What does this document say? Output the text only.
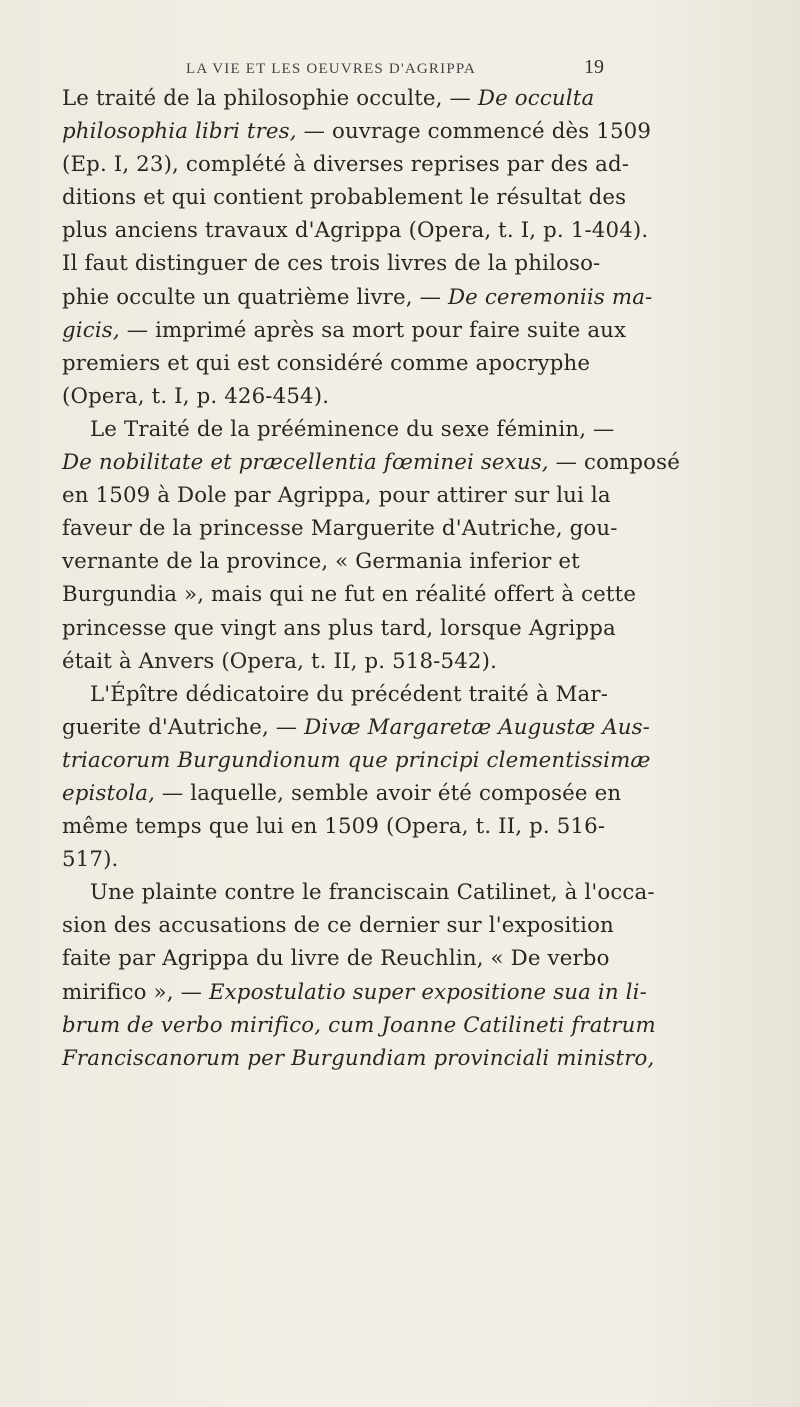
LA VIE ET LES OEUVRES D'AGRIPPA	19

Le traité de la philosophie occulte, — De occulta

philosophia libri tres, — ouvrage commencé dès 1509

(Ep. I, 23), complété à diverses reprises par des ad-

ditions et qui contient probablement le résultat des

plus anciens travaux d'Agrippa (Opera, t. I, p. 1-404).

Il faut distinguer de ces trois livres de la philoso-

phie occulte un quatrième livre, — De ceremoniis ma-

gicis, — imprimé après sa mort pour faire suite aux

premiers et qui est considéré comme apocryphe

(Opera, t. I, p. 426-454).

Le Traité de la prééminence du sexe féminin, —

De nobilitate et præcellentia fœminei sexus, — composé

en 1509 à Dole par Agrippa, pour attirer sur lui la

faveur de la princesse Marguerite d'Autriche, gou-

vernante de la province, « Germania inferior et

Burgundia », mais qui ne fut en réalité offert à cette

princesse que vingt ans plus tard, lorsque Agrippa

était à Anvers (Opera, t. II, p. 518-542).

L'Épître dédicatoire du précédent traité à Mar-

guerite d'Autriche, — Divæ Margaretæ Augustæ Aus-

triacorum Burgundionum que principi clementissimæ

epistola, — laquelle, semble avoir été composée en

même temps que lui en 1509 (Opera, t. II, p. 516-

517).

Une plainte contre le franciscain Catilinet, à l'occa-

sion des accusations de ce dernier sur l'exposition

faite par Agrippa du livre de Reuchlin, « De verbo

mirifico », — Expostulatio super expositione sua in li-

brum de verbo mirifico, cum Joanne Catilineti fratrum

Franciscanorum per Burgundiam provinciali ministro,
